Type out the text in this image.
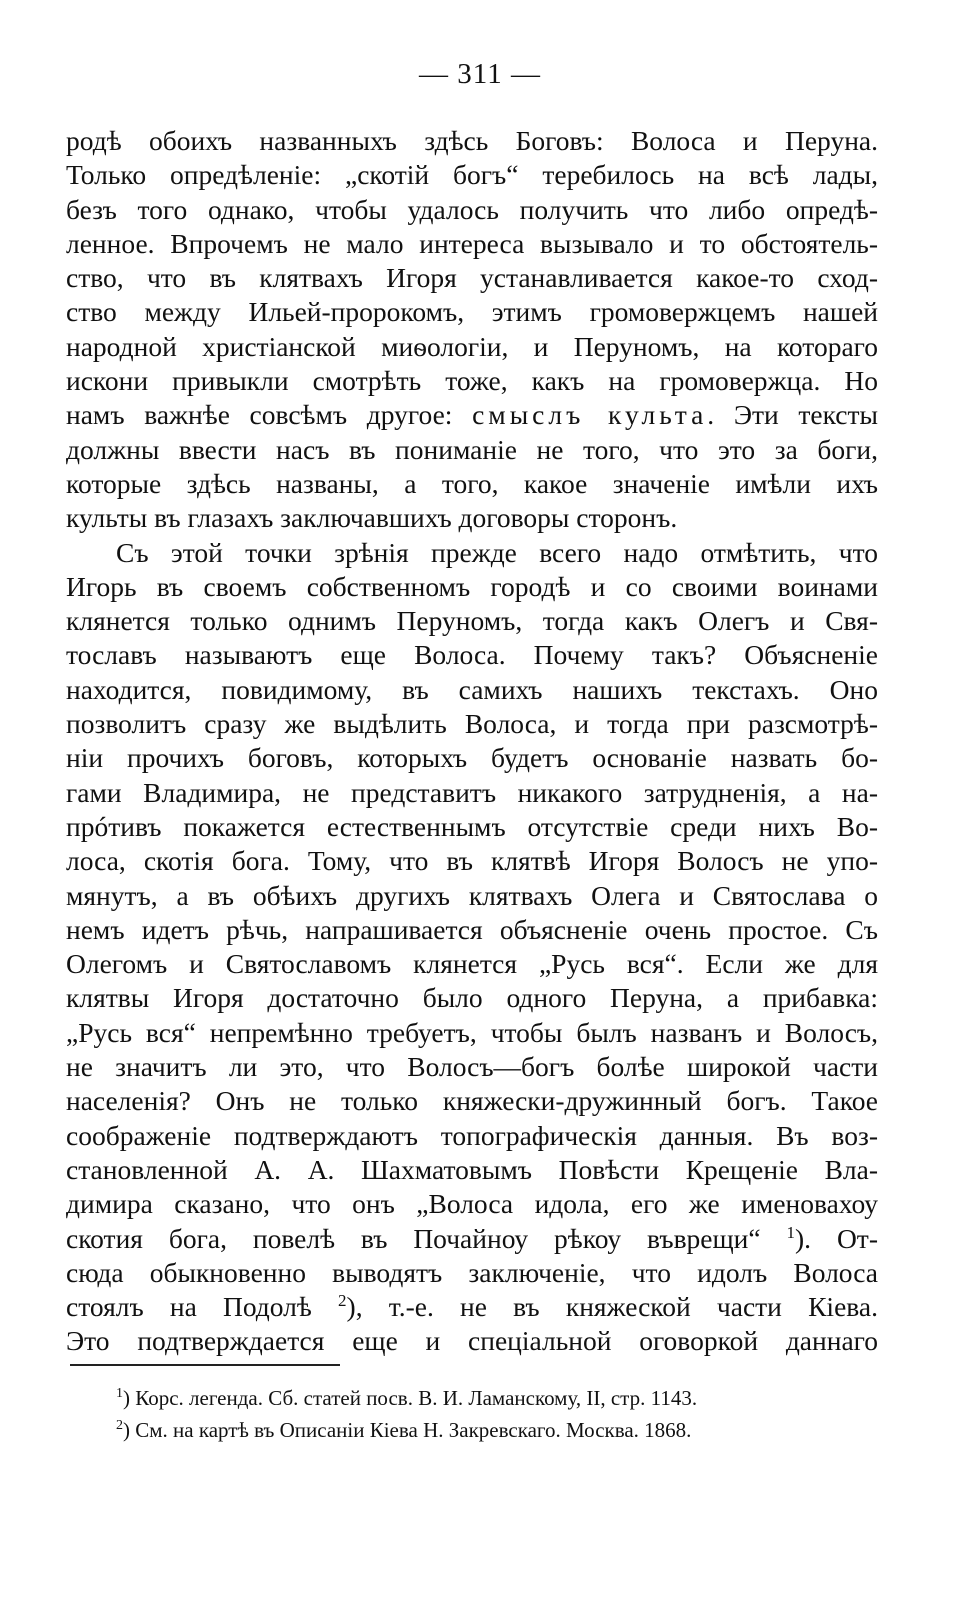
— 311 —
родѣ обоихъ названныхъ здѣсь Боговъ: Волоса и Перуна.
Только опредѣленіе: „скотій богъ“ теребилось на всѣ лады,
безъ того однако, чтобы удалось получить что либо опредѣ-
ленное. Впрочемъ не мало интереса вызывало и то обстоятель-
ство, что въ клятвахъ Игоря устанавливается какое-то сход-
ство между Ильей-пророкомъ, этимъ громовержцемъ нашей
народной христіанской миѳологіи, и Перуномъ, на котораго
искони привыкли смотрѣть тоже, какъ на громовержца. Но
намъ важнѣе совсѣмъ другое: смыслъ культа. Эти тексты
должны ввести насъ въ пониманіе не того, что это за боги,
которые здѣсь названы, а того, какое значеніе имѣли ихъ
культы въ глазахъ заключавшихъ договоры сторонъ.
Съ этой точки зрѣнія прежде всего надо отмѣтить, что
Игорь въ своемъ собственномъ городѣ и со своими воинами
клянется только однимъ Перуномъ, тогда какъ Олегъ и Свя-
тославъ называютъ еще Волоса. Почему такъ? Объясненіе
находится, повидимому, въ самихъ нашихъ текстахъ. Оно
позволитъ сразу же выдѣлить Волоса, и тогда при разсмотрѣ-
ніи прочихъ боговъ, которыхъ будетъ основаніе назвать бо-
гами Владимира, не представитъ никакого затрудненія, а на-
прóтивъ покажется естественнымъ отсутствіе среди нихъ Во-
лоса, скотія бога. Тому, что въ клятвѣ Игоря Волосъ не упо-
мянутъ, а въ обѣихъ другихъ клятвахъ Олега и Святослава о
немъ идетъ рѣчь, напрашивается объясненіе очень простое. Съ
Олегомъ и Святославомъ клянется „Русь вся“. Если же для
клятвы Игоря достаточно было одного Перуна, а прибавка:
„Русь вся“ непремѣнно требуетъ, чтобы былъ названъ и Волосъ,
не значитъ ли это, что Волосъ—богъ болѣе широкой части
населенія? Онъ не только княжески-дружинный богъ. Такое
соображеніе подтверждаютъ топографическія данныя. Въ воз-
становленной А. А. Шахматовымъ Повѣсти Крещеніе Вла-
димира сказано, что онъ „Волоса идола, его же именовахоу
скотия бога, повелѣ въ Почайноу рѣкоу въврещи“ $^1$). От-
сюда обыкновенно выводятъ заключеніе, что идолъ Волоса
стоялъ на Подолѣ $^2$), т.-е. не въ княжеской части Кіева.
Это подтверждается еще и спеціальной оговоркой даннаго
$^1$) Корс. легенда. Сб. статей посв. В. И. Ламанскому, II, стр. 1143.
$^2$) См. на картѣ въ Описаніи Кіева Н. Закревскаго. Москва. 1868.
